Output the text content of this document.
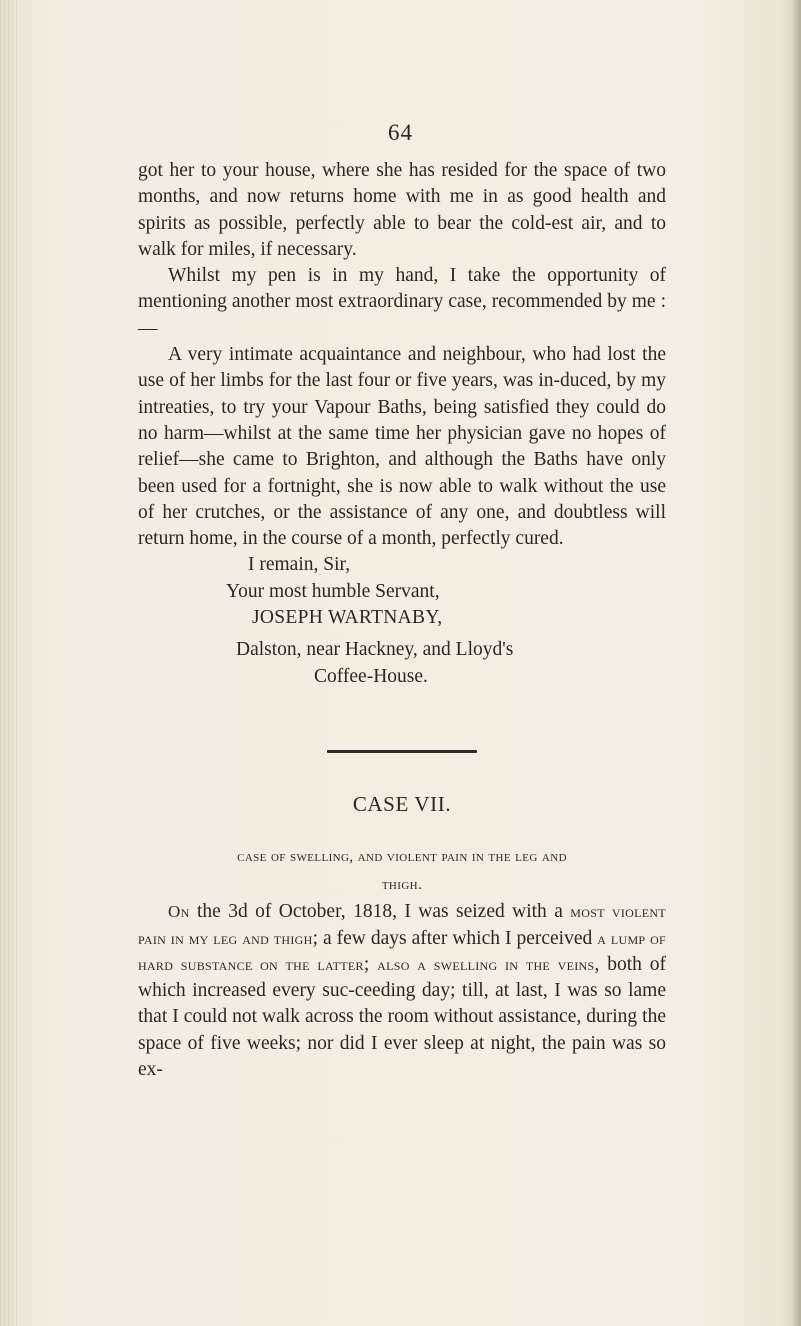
64

got her to your house, where she has resided for the space of two months, and now returns home with me in as good health and spirits as possible, perfectly able to bear the cold-est air, and to walk for miles, if necessary.

Whilst my pen is in my hand, I take the opportunity of mentioning another most extraordinary case, recommended by me :—

A very intimate acquaintance and neighbour, who had lost the use of her limbs for the last four or five years, was in-duced, by my intreaties, to try your Vapour Baths, being satisfied they could do no harm—whilst at the same time her physician gave no hopes of relief—she came to Brighton, and although the Baths have only been used for a fortnight, she is now able to walk without the use of her crutches, or the assistance of any one, and doubtless will return home, in the course of a month, perfectly cured.

I remain, Sir,
Your most humble Servant,
JOSEPH WARTNABY,
Dalston, near Hackney, and Lloyd's
Coffee-House.
CASE VII.
case of swelling, and violent pain in the leg and
thigh.

On the 3d of October, 1818, I was seized with a most violent pain in my leg and thigh; a few days after which I perceived a lump of hard substance on the latter; also a swelling in the veins, both of which increased every suc-ceeding day; till, at last, I was so lame that I could not walk across the room without assistance, during the space of five weeks; nor did I ever sleep at night, the pain was so ex-
